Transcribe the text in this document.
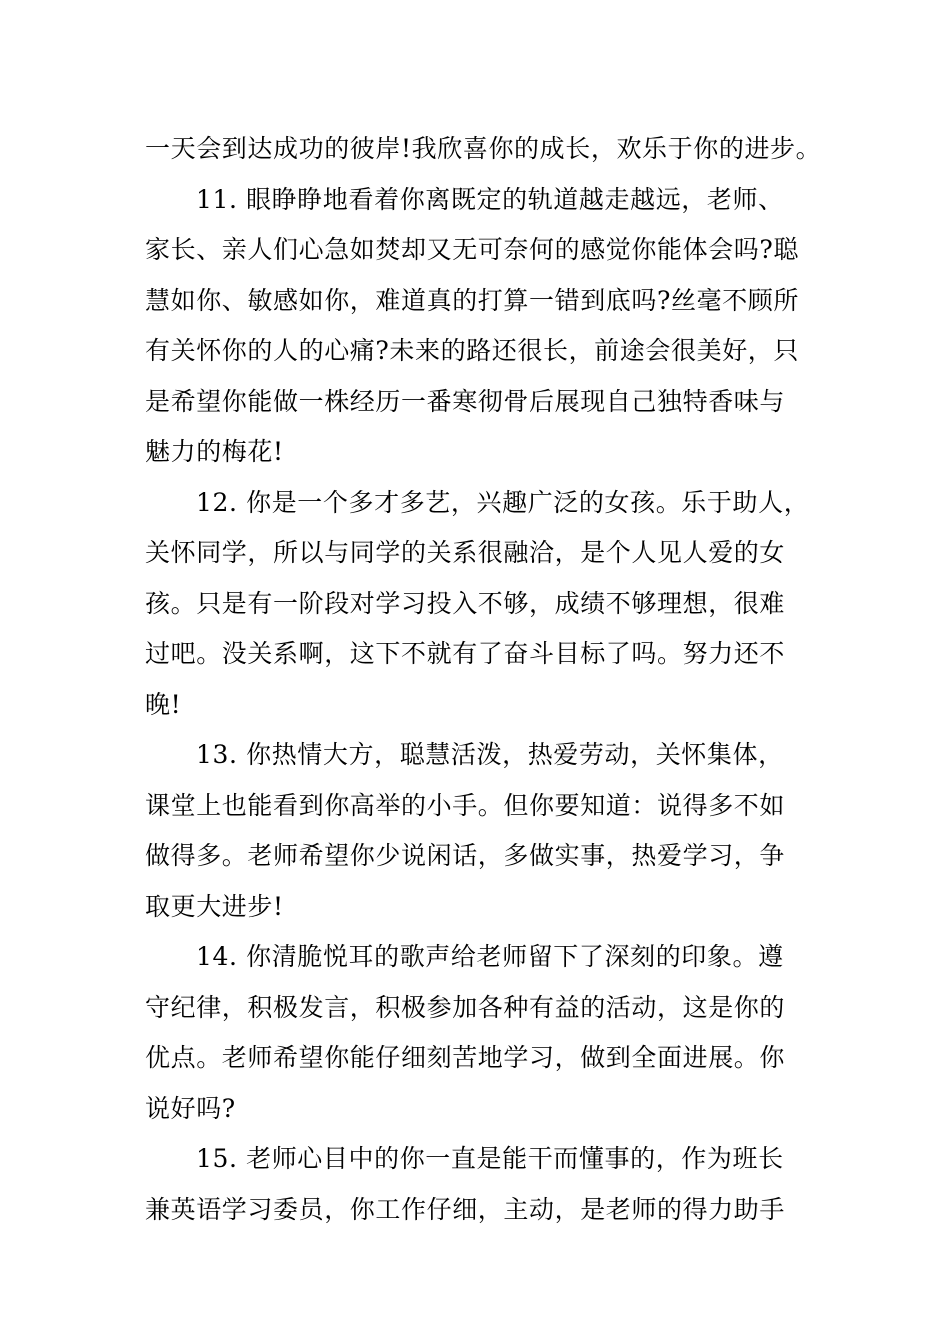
一天会到达成功的彼岸!我欣喜你的成长，欢乐于你的进步。
11. 眼睁睁地看着你离既定的轨道越走越远，老师、
家长、亲人们心急如焚却又无可奈何的感觉你能体会吗?聪
慧如你、敏感如你，难道真的打算一错到底吗?丝毫不顾所
有关怀你的人的心痛?未来的路还很长，前途会很美好，只
是希望你能做一株经历一番寒彻骨后展现自己独特香味与
魅力的梅花!
12. 你是一个多才多艺，兴趣广泛的女孩。乐于助人，
关怀同学，所以与同学的关系很融洽，是个人见人爱的女
孩。只是有一阶段对学习投入不够，成绩不够理想，很难
过吧。没关系啊，这下不就有了奋斗目标了吗。努力还不
晚!
13. 你热情大方，聪慧活泼，热爱劳动，关怀集体，
课堂上也能看到你高举的小手。但你要知道：说得多不如
做得多。老师希望你少说闲话，多做实事，热爱学习，争
取更大进步!
14. 你清脆悦耳的歌声给老师留下了深刻的印象。遵
守纪律，积极发言，积极参加各种有益的活动，这是你的
优点。老师希望你能仔细刻苦地学习，做到全面进展。你
说好吗?
15. 老师心目中的你一直是能干而懂事的，作为班长
兼英语学习委员，你工作仔细，主动，是老师的得力助手
